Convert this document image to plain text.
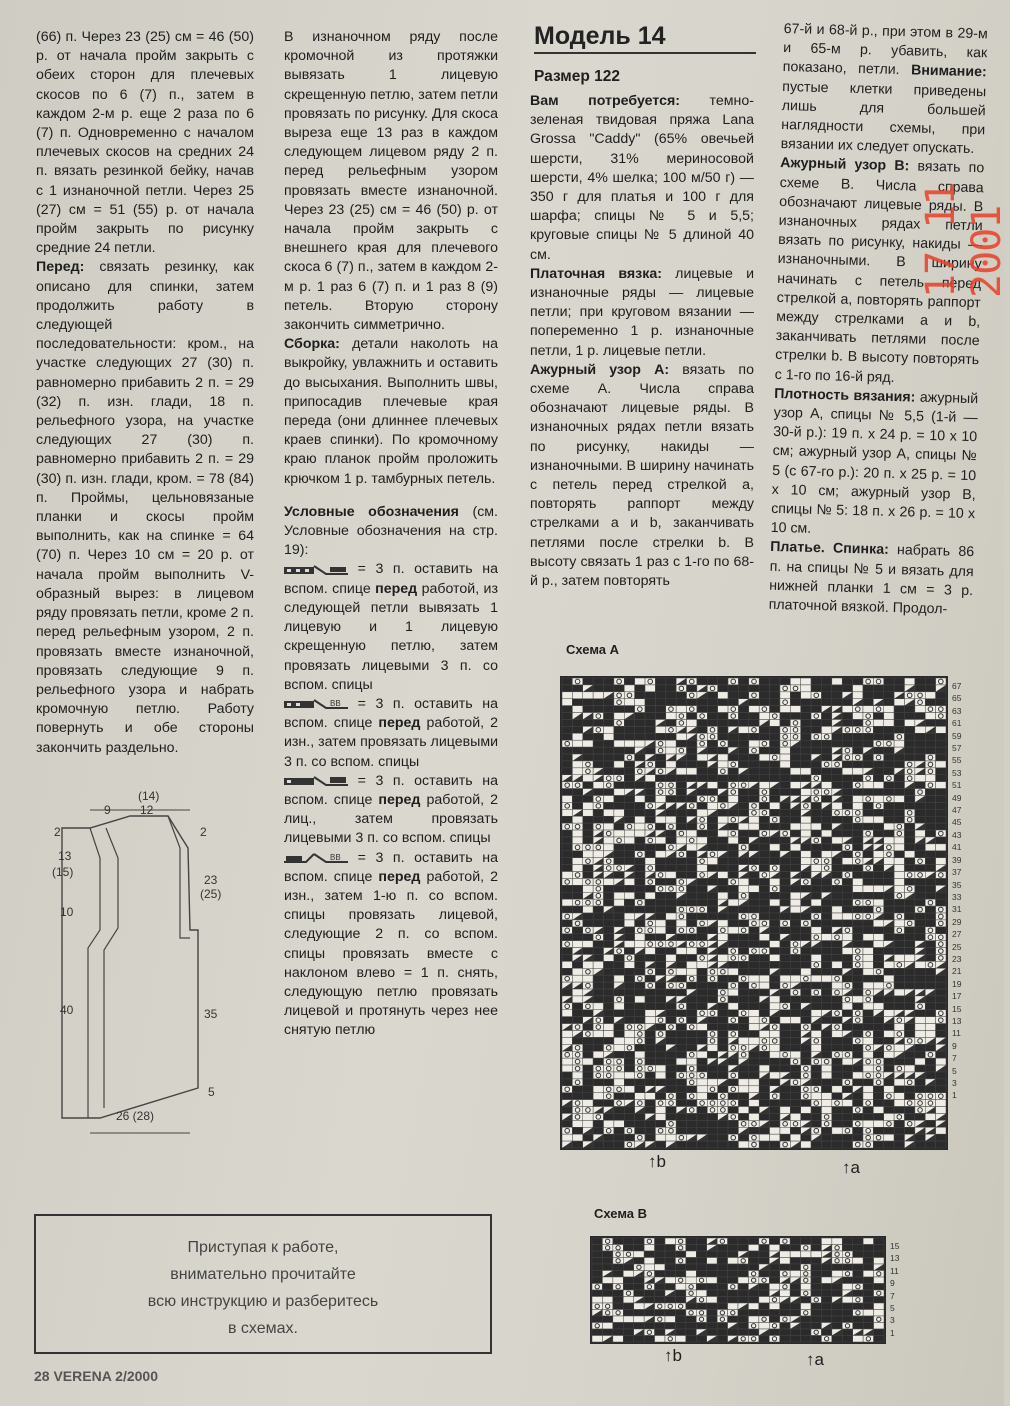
(66) п. Через 23 (25) см = 46 (50) р. от начала пройм закрыть с обеих сторон для плечевых скосов по 6 (7) п., затем в каждом 2-м р. еще 2 раза по 6 (7) п. Одновременно с началом плечевых скосов на средних 24 п. вязать резинкой бейку, начав с 1 изнаночной петли. Через 25 (27) см = 51 (55) р. от начала пройм закрыть по рисунку средние 24 петли.

Перед: связать резинку, как описано для спинки, затем продолжить работу в следующей последовательности: кром., на участке следующих 27 (30) п. равномерно прибавить 2 п. = 29 (32) п. изн. глади, 18 п. рельефного узора, на участке следующих 27 (30) п. равномерно прибавить 2 п. = 29 (30) п. изн. глади, кром. = 78 (84) п. Проймы, цельновязаные планки и скосы пройм выполнить, как на спинке = 64 (70) п. Через 10 см = 20 р. от начала пройм выполнить V-образный вырез: в лицевом ряду провязать петли, кроме 2 п. перед рельефным узором, 2 п. провязать вместе изнаночной, провязать следующие 9 п. рельефного узора и набрать кромочную петлю. Работу повернуть и обе стороны закончить раздельно.

В изнаночном ряду после кромочной из протяжки вывязать 1 лицевую скрещенную петлю, затем петли провязать по рисунку. Для скоса выреза еще 13 раз в каждом следующем лицевом ряду 2 п. перед рельефным узором провязать вместе изнаночной. Через 23 (25) см = 46 (50) р. от начала пройм закрыть с внешнего края для плечевого скоса 6 (7) п., затем в каждом 2-м р. 1 раз 6 (7) п. и 1 раз 8 (9) петель. Вторую сторону закончить симметрично.

Сборка: детали наколоть на выкройку, увлажнить и оставить до высыхания. Выполнить швы, припосадив плечевые края переда (они длиннее плечевых краев спинки). По кромочному краю планок пройм проложить крючком 1 р. тамбурных петель.

Условные обозначения (см. Условные обозначения на стр. 19):

= 3 п. оставить на вспом. спице перед работой, из следующей петли вывязать 1 лицевую и 1 лицевую скрещенную петлю, затем провязать лицевыми 3 п. со вспом. спицы

BB = 3 п. оставить на вспом. спице перед работой, 2 изн., затем провязать лицевыми 3 п. со вспом. спицы

= 3 п. оставить на вспом. спице перед работой, 2 лиц., затем провязать лицевыми 3 п. со вспом. спицы

BB = 3 п. оставить на вспом. спице перед работой, 2 изн., затем 1-ю п. со вспом. спицы провязать лицевой, следующие 2 п. со вспом. спицы провязать вместе с наклоном влево = 1 п. снять, следующую петлю провязать лицевой и протянуть через нее снятую петлю

Модель 14
Размер 122

Вам потребуется: темно-зеленая твидовая пряжа Lana Grossa "Caddy" (65% овечьей шерсти, 31% мериносовой шерсти, 4% шелка; 100 м/50 г) — 350 г для платья и 100 г для шарфа; спицы № 5 и 5,5; круговые спицы № 5 длиной 40 см.

Платочная вязка: лицевые и изнаночные ряды — лицевые петли; при круговом вязании — попеременно 1 р. изнаночные петли, 1 р. лицевые петли.

Ажурный узор А: вязать по схеме А. Числа справа обозначают лицевые ряды. В изнаночных рядах петли вязать по рисунку, накиды — изнаночными. В ширину начинать с петель перед стрелкой а, повторять раппорт между стрелками а и b, заканчивать петлями после стрелки b. В высоту связать 1 раз с 1-го по 68-й р., затем повторять

67-й и 68-й р., при этом в 29-м и 65-м р. убавить, как показано, петли. Внимание: пустые клетки приведены лишь для большей наглядности схемы, при вязании их следует опускать.

Ажурный узор B: вязать по схеме B. Числа справа обозначают лицевые ряды. В изнаночных рядах петли вязать по рисунку, накиды — изнаночными. В ширину начинать с петель перед стрелкой а, повторять раппорт между стрелками а и b, заканчивать петлями после стрелки b. В высоту повторять с 1-го по 16-й ряд.

Плотность вязания: ажурный узор А, спицы № 5,5 (1-й — 30-й р.): 19 п. х 24 р. = 10 х 10 см; ажурный узор А, спицы № 5 (с 67-го р.): 20 п. х 25 р. = 10 х 10 см; ажурный узор B, спицы № 5: 18 п. х 26 р. = 10 х 10 см.

Платье. Спинка: набрать 86 п. на спицы № 5 и вязать для нижней планки 1 см = 3 р. платочной вязкой. Продол-

17 11 2001
Схема А
67
65
63
61
59
57
55
53
51
49
47
45
43
41
39
37
35
33
31
29
27
25
23
21
19
17
15
13
11
9
7
5
3
1
↑b	↑a
Схема В
15
13
11
9
7
5
3
1
↑b	↑a
(14)
9 12
2
13
(15)
10
40
2
23
(25)
35
5
26 (28)
Приступая к работе,
внимательно прочитайте
всю инструкцию и разберитесь
в схемах.
28 VERENA 2/2000
